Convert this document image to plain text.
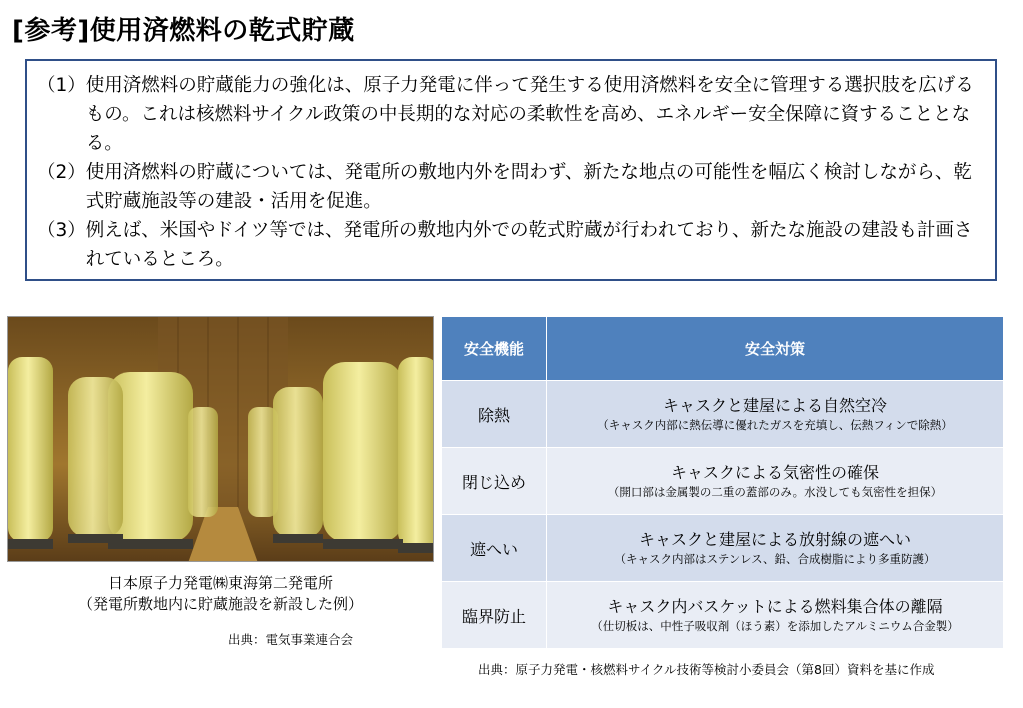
[参考]使用済燃料の乾式貯蔵
（1） 使用済燃料の貯蔵能力の強化は、原子力発電に伴って発生する使用済燃料を安全に管理する選択肢を広げるもの。これは核燃料サイクル政策の中長期的な対応の柔軟性を高め、エネルギー安全保障に資することとなる。
（2） 使用済燃料の貯蔵については、発電所の敷地内外を問わず、新たな地点の可能性を幅広く検討しながら、乾式貯蔵施設等の建設・活用を促進。
（3） 例えば、米国やドイツ等では、発電所の敷地内外での乾式貯蔵が行われており、新たな施設の建設も計画されているところ。
日本原子力発電㈱東海第二発電所
（発電所敷地内に貯蔵施設を新設した例）
出典：電気事業連合会
安全機能	安全対策
除熱	キャスクと建屋による自然空冷
（キャスク内部に熱伝導に優れたガスを充填し、伝熱フィンで除熱）

閉じ込め	キャスクによる気密性の確保
（開口部は金属製の二重の蓋部のみ。水没しても気密性を担保）

遮へい	キャスクと建屋による放射線の遮へい
（キャスク内部はステンレス、鉛、合成樹脂により多重防護）

臨界防止	キャスク内バスケットによる燃料集合体の離隔
（仕切板は、中性子吸収剤（ほう素）を添加したアルミニウム合金製）
出典：原子力発電・核燃料サイクル技術等検討小委員会（第8回）資料を基に作成
